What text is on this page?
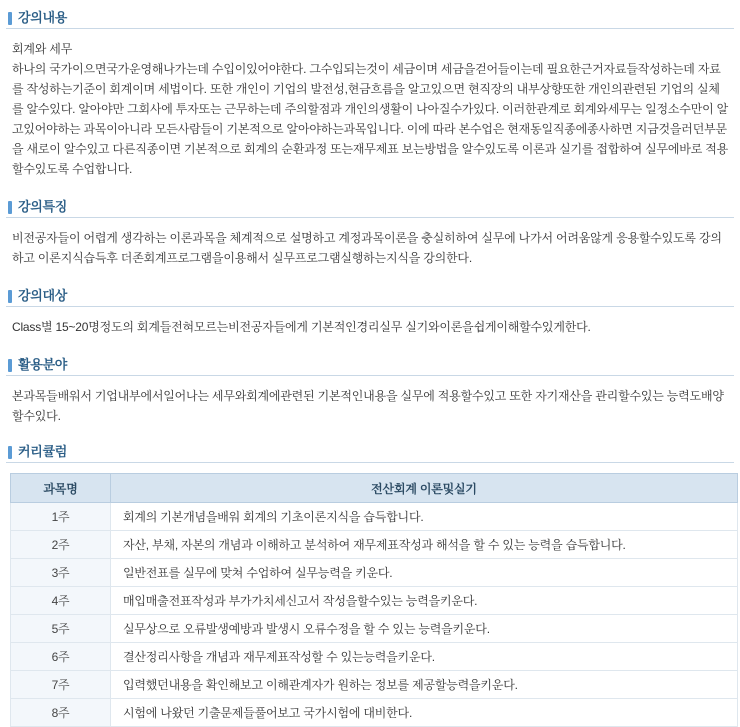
강의내용
회계와 세무
하나의 국가이으면국가운영해나가는데 수입이있어야한다. 그수입되는것이 세금이며 세금을걷어들이는데 필요한근거자료들작성하는데 자료를 작성하는기준이 회계이며 세법이다. 또한 개인이 기업의 발전성,현금흐름을 알고있으면 현직장의 내부상향또한 개인의관련된 기업의 실체를 알수있다. 알아야만 그회사에 투자또는 근무하는데 주의할점과 개인의생활이 나아질수가있다. 이러한관계로 회계와세무는 일정소수만이 알고있어야하는 과목이아니라 모든사람들이 기본적으로 알아야하는과목입니다. 이에 따라 본수업은 현재동일직종에종사하면 지금것을러던부문을 새로이 알수있고 다른직종이면 기본적으로 회계의 순환과정 또는재무제표 보는방법을 알수있도록 이론과 실기를 접합하여 실무에바로 적용할수있도록 수업합니다.
강의특징
비전공자들이 어렵게 생각하는 이론과목을 체계적으로 설명하고 계정과목이론을 충실히하여 실무에 나가서 어려움않게 응용할수있도록 강의하고 이론지식습득후 더존회계프로그램을이용해서 실무프로그램실행하는지식을 강의한다.
강의대상
Class별 15~20명정도의 회계들전혀모르는비전공자들에게 기본적인경리실무 실기와이론을쉽게이해할수있게한다.
활용분야
본과목들배워서 기업내부에서일어나는 세무와회계에관련된 기본적인내용을 실무에 적용할수있고 또한 자기재산을 관리할수있는 능력도배양할수있다.
커리큘럼
과목명	전산회계 이론및실기
1주	회계의 기본개념을배워 회계의 기초이론지식을 습득합니다.
2주	자산, 부채, 자본의 개념과 이해하고 분석하여 재무제표작성과 해석을 할 수 있는 능력을 습득합니다.
3주	일반전표를 실무에 맞쳐 수업하여 실무능력을 키운다.
4주	매입매출전표작성과 부가가치세신고서 작성을할수있는 능력을키운다.
5주	실무상으로 오류발생예방과 발생시 오류수정을 할 수 있는 능력을키운다.
6주	결산정리사항을 개념과 재무제표작성할 수 있는능력을키운다.
7주	입력했던내용을 확인해보고 이해관계자가 원하는 정보를 제공할능력을키운다.
8주	시험에 나왔던 기출문제들풀어보고 국가시험에 대비한다.
